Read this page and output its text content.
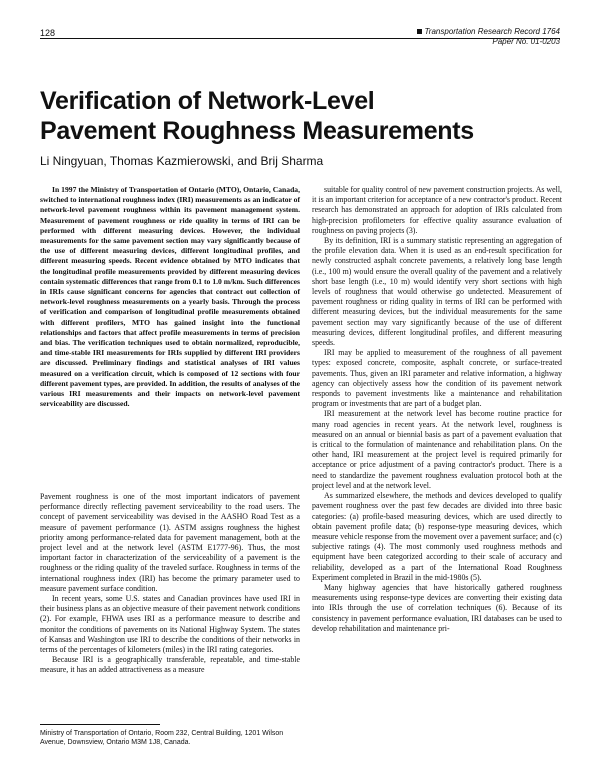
128	Transportation Research Record 1764
Paper No. 01-0203
Verification of Network-Level
Pavement Roughness Measurements
Li Ningyuan, Thomas Kazmierowski, and Brij Sharma

In 1997 the Ministry of Transportation of Ontario (MTO), Ontario, Canada, switched to international roughness index (IRI) measurements as an indicator of network-level pavement roughness within its pavement management system. Measurement of pavement roughness or ride quality in terms of IRI can be performed with different measuring devices. However, the individual measurements for the same pavement section may vary significantly because of the use of different measuring devices, different longitudinal profiles, and different measuring speeds. Recent evidence obtained by MTO indicates that the longitudinal profile measurements provided by different measuring devices contain systematic differences that range from 0.1 to 1.0 m/km. Such differences in IRIs cause significant concerns for agencies that contract out collection of network-level roughness measurements on a yearly basis. Through the process of verification and comparison of longitudinal profile measurements obtained with different profilers, MTO has gained insight into the functional relationships and factors that affect profile measurements in terms of precision and bias. The verification techniques used to obtain normalized, reproducible, and time-stable IRI measurements for IRIs supplied by different IRI providers are discussed. Preliminary findings and statistical analyses of IRI values measured on a verification circuit, which is composed of 12 sections with four different pavement types, are provided. In addition, the results of analyses of the various IRI measurements and their impacts on network-level pavement serviceability are discussed.

Pavement roughness is one of the most important indicators of pavement performance directly reflecting pavement serviceability to the road users. The concept of pavement serviceability was devised in the AASHO Road Test as a measure of pavement performance (1). ASTM assigns roughness the highest priority among performance-related data for pavement management, both at the project level and at the network level (ASTM E1777-96). Thus, the most important factor in characterization of the serviceability of a pavement is the roughness or the riding quality of the traveled surface. Roughness in terms of the international roughness index (IRI) has become the primary parameter used to measure pavement surface condition.

In recent years, some U.S. states and Canadian provinces have used IRI in their business plans as an objective measure of their pavement network conditions (2). For example, FHWA uses IRI as a performance measure to describe and monitor the conditions of pavements on its National Highway System. The states of Kansas and Washington use IRI to describe the conditions of their networks in terms of the percentages of kilometers (miles) in the IRI rating categories.

Because IRI is a geographically transferable, repeatable, and time-stable measure, it has an added attractiveness as a measure

suitable for quality control of new pavement construction projects. As well, it is an important criterion for acceptance of a new contractor's product. Recent research has demonstrated an approach for adoption of IRIs calculated from high-precision profilometers for effective quality assurance evaluation of roughness on paving projects (3).

By its definition, IRI is a summary statistic representing an aggregation of the profile elevation data. When it is used as an end-result specification for newly constructed asphalt concrete pavements, a relatively long base length (i.e., 100 m) would ensure the overall quality of the pavement and a relatively short base length (i.e., 10 m) would identify very short sections with high levels of roughness that would otherwise go undetected. Measurement of pavement roughness or riding quality in terms of IRI can be performed with different measuring devices, but the individual measurements for the same pavement section may vary significantly because of the use of different measuring devices, different longitudinal profiles, and different measuring speeds.

IRI may be applied to measurement of the roughness of all pavement types: exposed concrete, composite, asphalt concrete, or surface-treated pavements. Thus, given an IRI parameter and relative information, a highway agency can objectively assess how the condition of its pavement network responds to pavement investments like a maintenance and rehabilitation program or investments that are part of a budget plan.

IRI measurement at the network level has become routine practice for many road agencies in recent years. At the network level, roughness is measured on an annual or biennial basis as part of a pavement evaluation that is critical to the formulation of maintenance and rehabilitation plans. On the other hand, IRI measurement at the project level is required primarily for acceptance or price adjustment of a paving contractor's product. There is a need to standardize the pavement roughness evaluation protocol both at the project level and at the network level.

As summarized elsewhere, the methods and devices developed to qualify pavement roughness over the past few decades are divided into three basic categories: (a) profile-based measuring devices, which are used directly to obtain pavement profile data; (b) response-type measuring devices, which measure vehicle response from the movement over a pavement surface; and (c) subjective ratings (4). The most commonly used roughness methods and equipment have been categorized according to their scale of accuracy and reliability, developed as a part of the International Road Roughness Experiment completed in Brazil in the mid-1980s (5).

Many highway agencies that have historically gathered roughness measurements using response-type devices are converting their existing data into IRIs through the use of correlation techniques (6). Because of its consistency in pavement performance evaluation, IRI databases can be used to develop rehabilitation and maintenance pri-

Ministry of Transportation of Ontario, Room 232, Central Building, 1201 Wilson Avenue, Downsview, Ontario M3M 1J8, Canada.
